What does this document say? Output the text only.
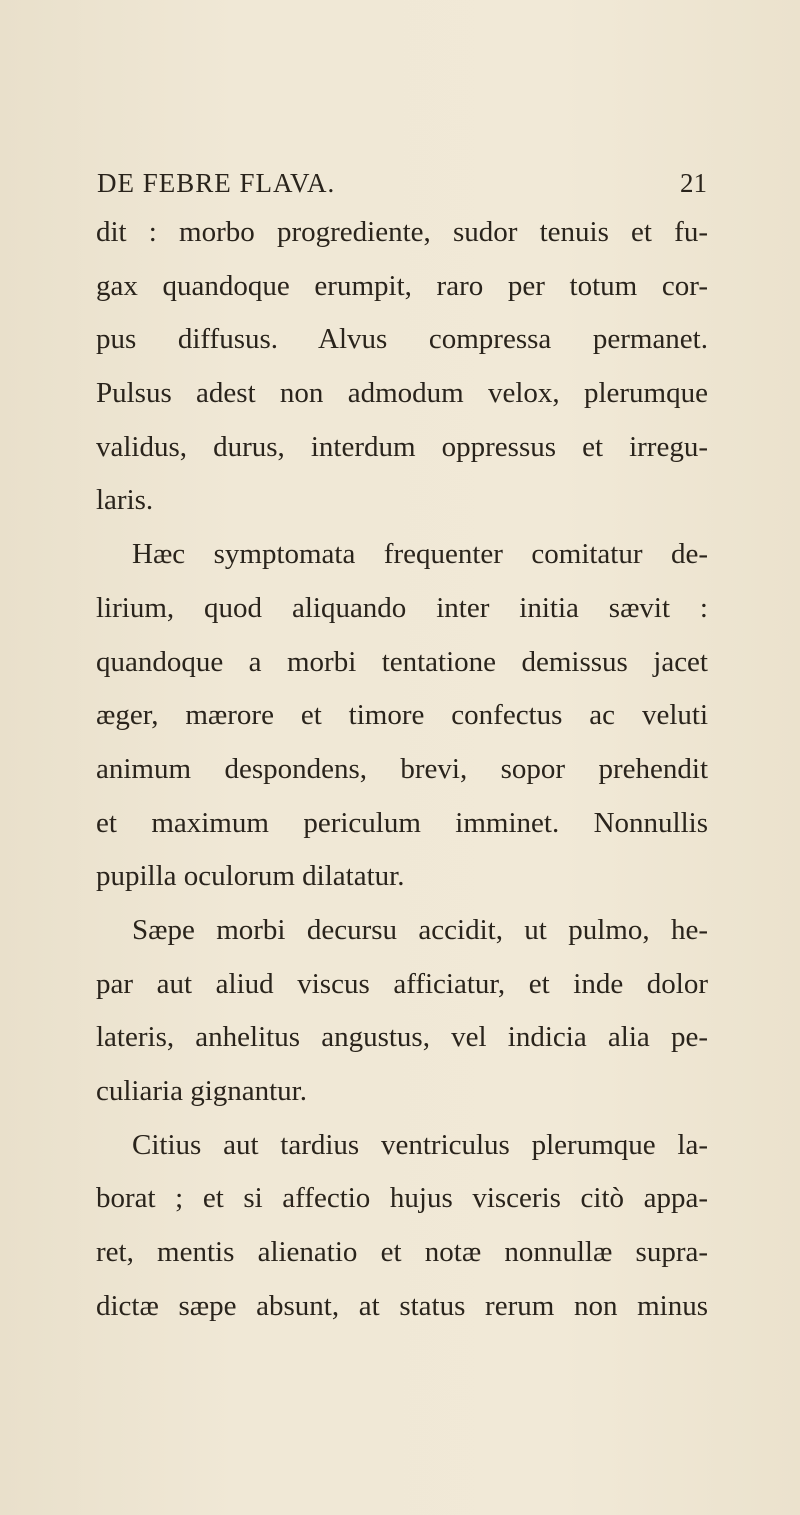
DE FEBRE FLAVA.	21
dit : morbo progrediente, sudor tenuis et fu-
gax quandoque erumpit, raro per totum cor-
pus diffusus. Alvus compressa permanet.
Pulsus adest non admodum velox, plerumque
validus, durus, interdum oppressus et irregu-
laris.
Hæc symptomata frequenter comitatur de-
lirium, quod aliquando inter initia sævit :
quandoque a morbi tentatione demissus jacet
æger, mærore et timore confectus ac veluti
animum despondens, brevi, sopor prehendit
et maximum periculum imminet. Nonnullis
pupilla oculorum dilatatur.
Sæpe morbi decursu accidit, ut pulmo, he-
par aut aliud viscus afficiatur, et inde dolor
lateris, anhelitus angustus, vel indicia alia pe-
culiaria gignantur.
Citius aut tardius ventriculus plerumque la-
borat ; et si affectio hujus visceris citò appa-
ret, mentis alienatio et notæ nonnullæ supra-
dictæ sæpe absunt, at status rerum non minus
